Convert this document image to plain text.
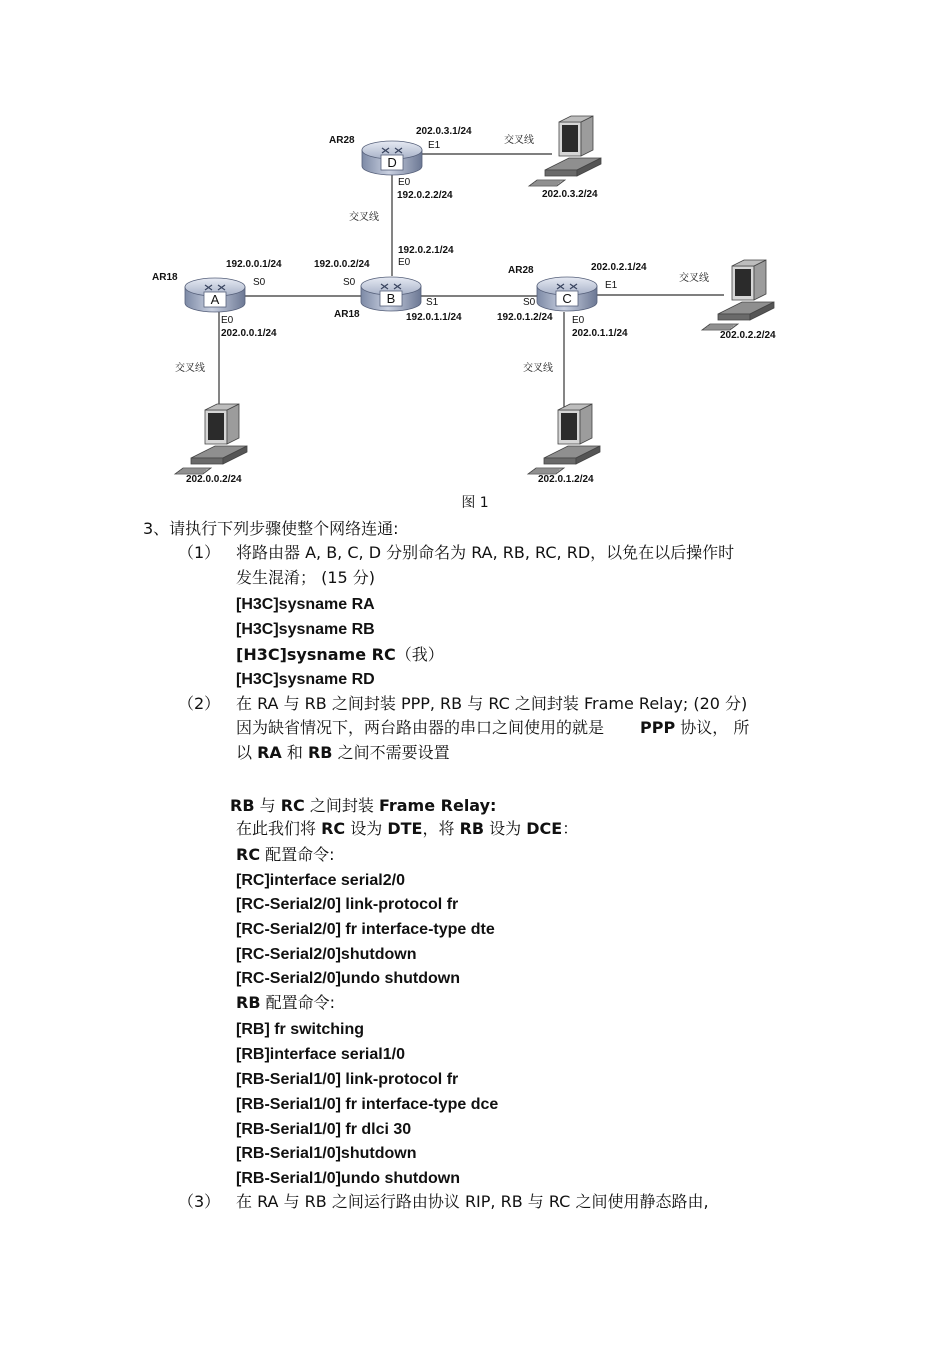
D
A	B	C
AR28
AR18
AR18
AR28
202.0.3.1/24
E1
E0
192.0.2.2/24
192.0.2.1/24
E0
192.0.0.1/24
S0
192.0.0.2/24
S0
E0
202.0.0.1/24
S1
192.0.1.1/24
S0
192.0.1.2/24
202.0.2.1/24
E1
E0
202.0.1.1/24
交叉线
交叉线
交叉线
交叉线	交叉线
202.0.3.2/24
202.0.2.2/24
202.0.0.2/24	202.0.1.2/24
图 1
3、请执行下列步骤使整个网络连通:
（1） 将路由器 A, B, C, D 分别命名为 RA, RB, RC, RD，以免在以后操作时
发生混淆； (15 分)
[H3C]sysname RA
[H3C]sysname RB
[H3C]sysname RC（我）
[H3C]sysname RD
（2） 在 RA 与 RB 之间封装 PPP, RB 与 RC 之间封装 Frame Relay; (20 分)
因为缺省情况下，两台路由器的串口之间使用的就是 PPP 协议， 所
以 RA 和 RB 之间不需要设置
RB 与 RC 之间封装 Frame Relay:
在此我们将 RC 设为 DTE，将 RB 设为 DCE：
RC 配置命令:
[RC]interface serial2/0
[RC-Serial2/0] link-protocol fr
[RC-Serial2/0] fr interface-type dte
[RC-Serial2/0]shutdown
[RC-Serial2/0]undo shutdown
RB 配置命令:
[RB] fr switching
[RB]interface serial1/0
[RB-Serial1/0] link-protocol fr
[RB-Serial1/0] fr interface-type dce
[RB-Serial1/0] fr dlci 30
[RB-Serial1/0]shutdown
[RB-Serial1/0]undo shutdown
（3） 在 RA 与 RB 之间运行路由协议 RIP, RB 与 RC 之间使用静态路由,
